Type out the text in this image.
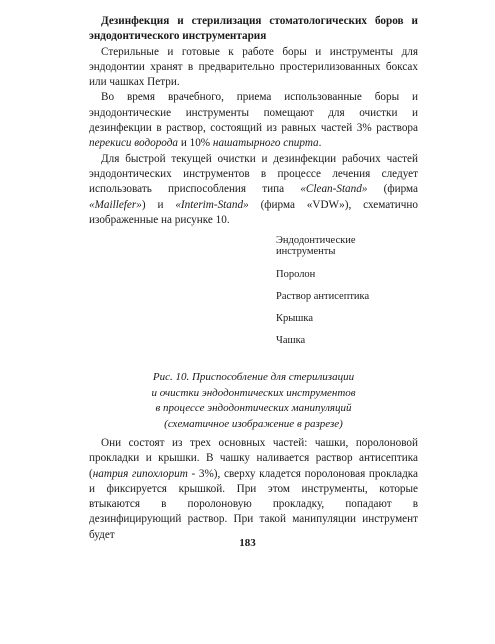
Дезинфекция и стерилизация стоматологических боров и эндодонтического инструментария

Стерильные и готовые к работе боры и инструменты для эндодонтии хранят в предварительно простерилизованных боксах или чашках Петри.

Во время врачебного, приема использованные боры и эндодонтические инструменты помещают для очистки и дезинфекции в раствор, состоящий из равных частей 3% раствора перекиси водорода и 10% нашатырного спирта.

Для быстрой текущей очистки и дезинфекции рабочих частей эндодонтических инструментов в процессе лечения следует использовать приспособления типа «Clean-Stand» (фирма «Maillefer») и «Interim-Stand» (фирма «VDW»), схематично изображенные на рисунке 10.

Эндодонтические инструменты
Поролон
Раствор антисептика
Крышка
Чашка
Рис. 10. Приспособление для стерилизации
и очистки эндодонтических инструментов
в процессе эндодонтических манипуляций
(схематичное изображение в разрезе)

Они состоят из трех основных частей: чашки, поролоновой прокладки и крышки. В чашку наливается раствор антисептика (натрия гипохлорит - 3%), сверху кладется поролоновая прокладка и фиксируется крышкой. При этом инструменты, которые втыкаются в поролоновую прокладку, попадают в дезинфицирующий раствор. При такой манипуляции инструмент будет

183
